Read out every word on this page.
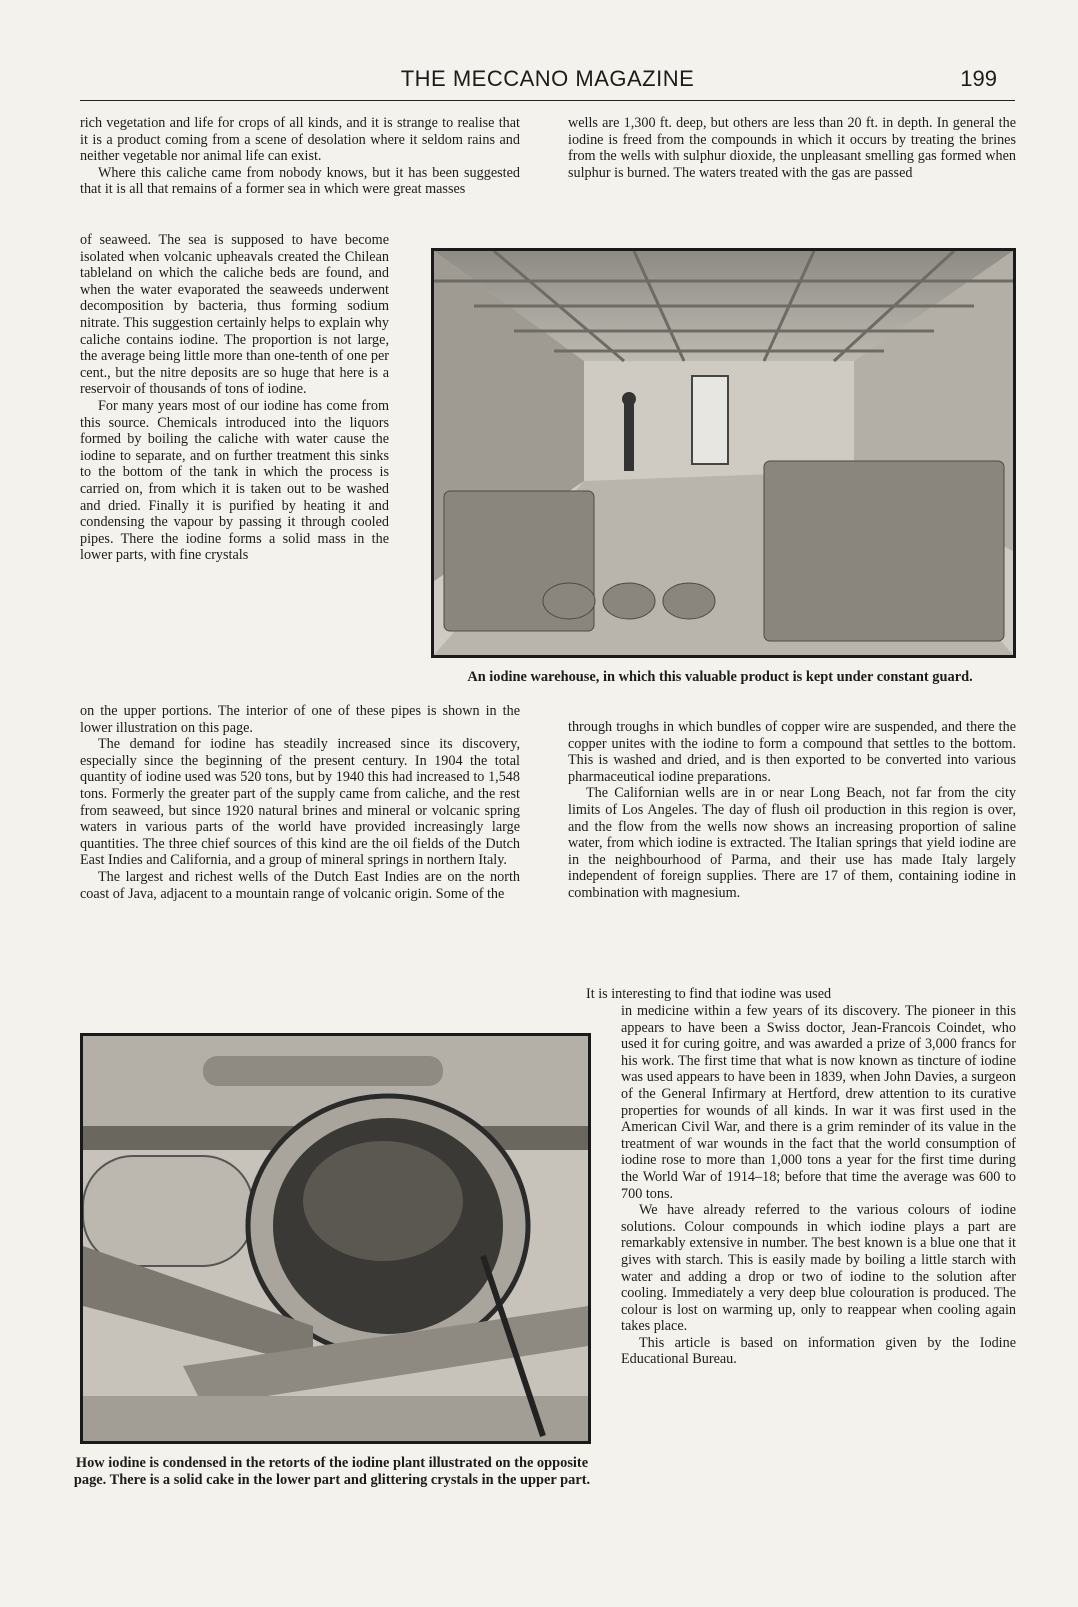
THE MECCANO MAGAZINE	199

rich vegetation and life for crops of all kinds, and it is strange to realise that it is a product coming from a scene of desolation where it seldom rains and neither vegetable nor animal life can exist.

Where this caliche came from nobody knows, but it has been suggested that it is all that remains of a former sea in which were great masses

of seaweed. The sea is supposed to have become isolated when volcanic upheavals created the Chilean tableland on which the caliche beds are found, and when the water evaporated the seaweeds underwent decomposition by bacteria, thus forming sodium nitrate. This suggestion certainly helps to explain why caliche contains iodine. The proportion is not large, the average being little more than one-tenth of one per cent., but the nitre deposits are so huge that here is a reservoir of thousands of tons of iodine.

For many years most of our iodine has come from this source. Chemicals introduced into the liquors formed by boiling the caliche with water cause the iodine to separate, and on further treatment this sinks to the bottom of the tank in which the process is carried on, from which it is taken out to be washed and dried. Finally it is purified by heating it and condensing the vapour by passing it through cooled pipes. There the iodine forms a solid mass in the lower parts, with fine crystals

on the upper portions. The interior of one of these pipes is shown in the lower illustration on this page.

The demand for iodine has steadily increased since its discovery, especially since the beginning of the present century. In 1904 the total quantity of iodine used was 520 tons, but by 1940 this had increased to 1,548 tons. Formerly the greater part of the supply came from caliche, and the rest from seaweed, but since 1920 natural brines and mineral or volcanic spring waters in various parts of the world have provided increasingly large quantities. The three chief sources of this kind are the oil fields of the Dutch East Indies and California, and a group of mineral springs in northern Italy.

The largest and richest wells of the Dutch East Indies are on the north coast of Java, adjacent to a mountain range of volcanic origin. Some of the

wells are 1,300 ft. deep, but others are less than 20 ft. in depth. In general the iodine is freed from the compounds in which it occurs by treating the brines from the wells with sulphur dioxide, the unpleasant smelling gas formed when sulphur is burned. The waters treated with the gas are passed

An iodine warehouse, in which this valuable product is kept under constant guard.

through troughs in which bundles of copper wire are suspended, and there the copper unites with the iodine to form a compound that settles to the bottom. This is washed and dried, and is then exported to be converted into various pharmaceutical iodine preparations.

The Californian wells are in or near Long Beach, not far from the city limits of Los Angeles. The day of flush oil production in this region is over, and the flow from the wells now shows an increasing proportion of saline water, from which iodine is extracted. The Italian springs that yield iodine are in the neighbourhood of Parma, and their use has made Italy largely independent of foreign supplies. There are 17 of them, containing iodine in combination with magnesium.

It is interesting to find that iodine was used

in medicine within a few years of its discovery. The pioneer in this appears to have been a Swiss doctor, Jean-Francois Coindet, who used it for curing goitre, and was awarded a prize of 3,000 francs for his work. The first time that what is now known as tincture of iodine was used appears to have been in 1839, when John Davies, a surgeon of the General Infirmary at Hertford, drew attention to its curative properties for wounds of all kinds. In war it was first used in the American Civil War, and there is a grim reminder of its value in the treatment of war wounds in the fact that the world consumption of iodine rose to more than 1,000 tons a year for the first time during the World War of 1914–18; before that time the average was 600 to 700 tons.

We have already referred to the various colours of iodine solutions. Colour compounds in which iodine plays a part are remarkably extensive in number. The best known is a blue one that it gives with starch. This is easily made by boiling a little starch with water and adding a drop or two of iodine to the solution after cooling. Immediately a very deep blue colouration is produced. The colour is lost on warming up, only to reappear when cooling again takes place.

This article is based on information given by the Iodine Educational Bureau.

How iodine is condensed in the retorts of the iodine plant illustrated on the opposite page. There is a solid cake in the lower part and glittering crystals in the upper part.
